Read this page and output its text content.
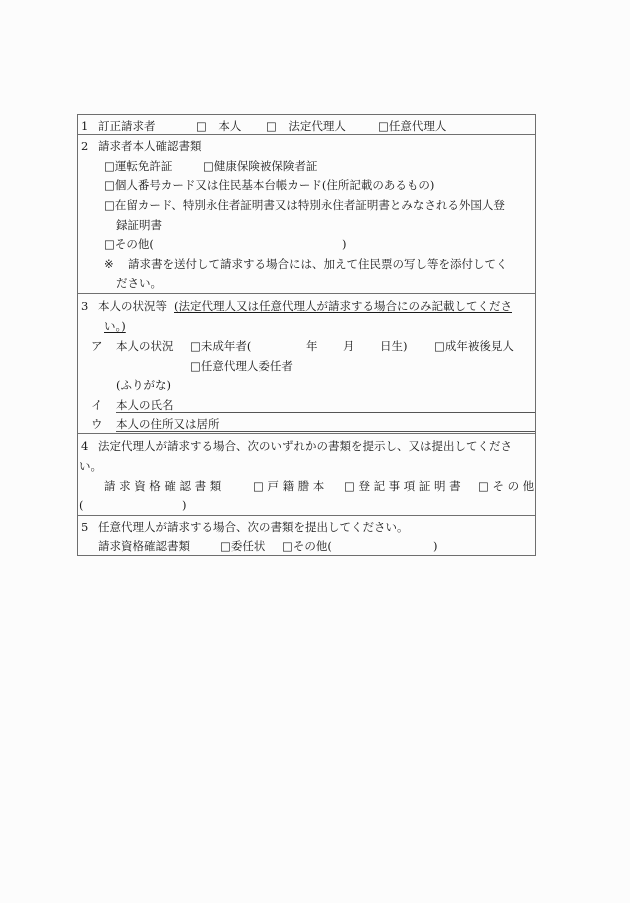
1 訂正請求者	□　本人 □　法定代理人	□任意代理人
2 請求者本人確認書類
□運転免許証	□健康保険被保険者証
□個人番号カード又は住民基本台帳カード(住所記載のあるもの)
□在留カード、特別永住者証明書又は特別永住者証明書とみなされる外国人登
録証明書
□その他(	)
※ 請求書を送付して請求する場合には、加えて住民票の写し等を添付してく
ださい。
3 本人の状況等 (法定代理人又は任意代理人が請求する場合にのみ記載してくださ
い。)
ア 本人の状況 □未成年者(	年 月 日生) □成年被後見人
□任意代理人委任者
(ふりがな)
イ 本人の氏名
ウ 本人の住所又は居所
4 法定代理人が請求する場合、次のいずれかの書類を提示し、又は提出してくださ
い。
請求資格確認書類 □戸籍謄本 □登記事項証明書 □その他
(	)
5 任意代理人が請求する場合、次の書類を提出してください。
請求資格確認書類	□委任状 □その他(	)
